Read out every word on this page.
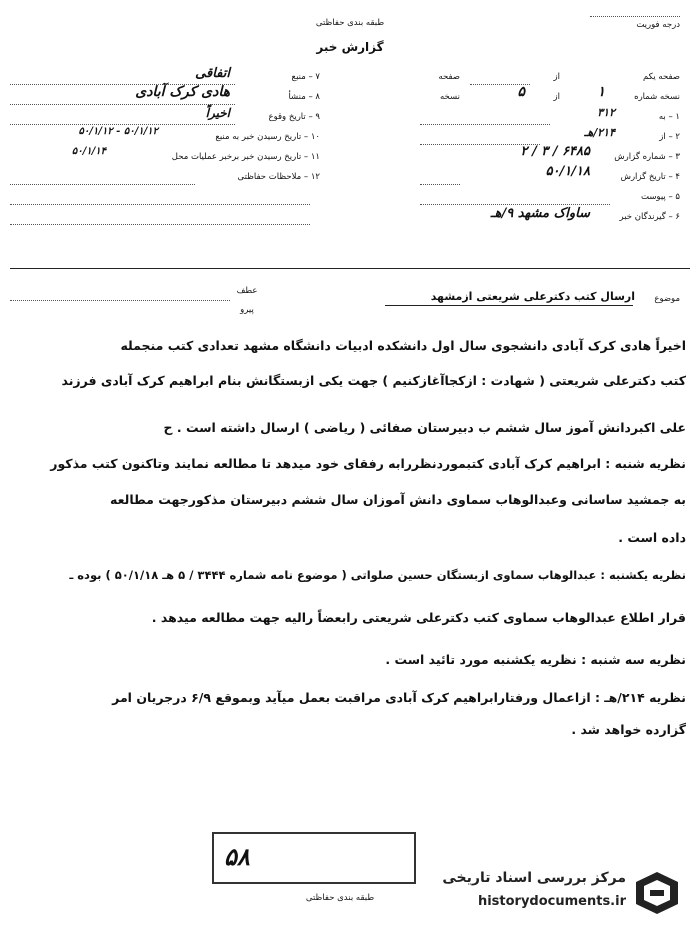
طبقه بندی حفاظتی
گزارش خبر
درجه فوریت
۷ – منبع
اتفاقی
۸ – منشأ
هادی کرک آبادی
۹ – تاریخ وقوع
اخیراً
۱۰ – تاریخ رسیدن خبر به منبع
۵۰/۱/۱۲ - ۵۰/۱/۱۲
۱۱ – تاریخ رسیدن خبر برخبر عملیات محل
۵۰/۱/۱۴
۱۲ – ملاحظات حفاظتی
صفحه یکم
از
صفحه
نسخه شماره
۱
از
۵
نسخه
۱ – به
۳۱۲
۲ – از
۲۱۴/هـ
۳ – شماره گزارش
۶۴۸۵ / ۳ / ۲
۴ – تاریخ گزارش
۵۰/۱/۱۸
۵ – پیوست
۶ – گیرندگان خبر
ساواک مشهد ۹/هـ
موضوع
ارسال کتب دکترعلی شریعتی ازمشهد
عطف
پیرو
اخیراً هادی کرک آبادی دانشجوی سال اول دانشکده ادبیات دانشگاه مشهد تعدادی کتب منجمله
کتب دکترعلی شریعتی ( شهادت : ازکجاآغازکنیم ) جهت یکی ازبستگانش بنام ابراهیم کرک آبادی فرزند
علی اکبردانش آموز سال ششم ب دبیرستان صفائی ( ریاضی ) ارسال داشته است . ح
نظریه شنبه : ابراهیم کرک آبادی کتبموردنظررابه رفقای خود میدهد تا مطالعه نمایند وتاکنون کتب مذکور
به جمشید ساسانی وعبدالوهاب سماوی دانش آموزان سال ششم دبیرستان مذکورجهت مطالعه
داده است .
نظریه یکشنبه : عبدالوهاب سماوی ازبستگان حسین صلواتی ( موضوع نامه شماره ۳۴۴۴ / ۵ هـ ۵۰/۱/۱۸ ) بوده ـ
قرار اطلاع عبدالوهاب سماوی کتب دکترعلی شریعتی رابعضاً رالیه جهت مطالعه میدهد .
نظریه سه شنبه : نظریه یکشنبه مورد تائید است .
نظریه ۲۱۴/هـ : ازاعمال ورفتارابراهیم کرک آبادی مراقبت بعمل میآید وبموقع ۶/۹ درجریان امر
گزارده خواهد شد .
۵۸
طبقه بندی حفاظتی
مرکز بررسی اسناد تاریخی
historydocuments.ir
